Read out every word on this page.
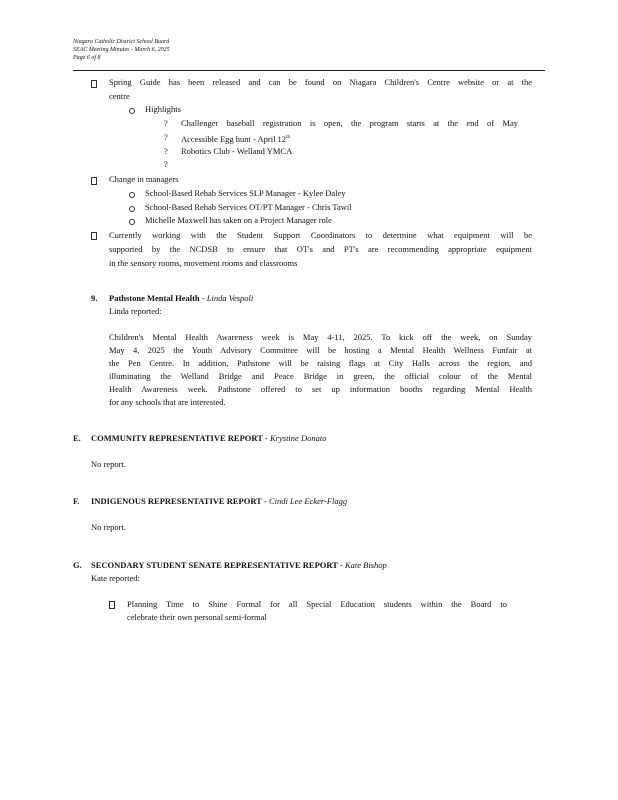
Niagara Catholic District School Board
SEAC Meeting Minutes - March 6, 2025
Page 6 of 8
Spring Guide has been released and can be found on Niagara Children's Centre website or at the
centre
Highlights
? Challenger baseball registration is open, the program starts at the end of May
? Accessible Egg hunt - April 12th
? Robotics Club - Welland YMCA
?
Change in managers
School-Based Rehab Services SLP Manager - Kylee Daley
School-Based Rehab Services OT/PT Manager - Chris Tawil
Michelle Maxwell has taken on a Project Manager role
Currently working with the Student Support Coordinators to determine what equipment will be
supported by the NCDSB to ensure that OT's and PT's are recommending appropriate equipment
in the sensory rooms, movement rooms and classrooms
9. Pathstone Mental Health - Linda Vespoli
Linda reported:
Children's Mental Health Awareness week is May 4-11, 2025. To kick off the week, on Sunday
May 4, 2025 the Youth Advisory Committee will be hosting a Mental Health Wellness Funfair at
the Pen Centre. In addition, Pathstone will be raising flags at City Halls across the region, and
illuminating the Welland Bridge and Peace Bridge in green, the official colour of the Mental
Health Awareness week. Pathstone offered to set up information booths regarding Mental Health
for any schools that are interested.
E. COMMUNITY REPRESENTATIVE REPORT - Krystine Donato
No report.
F. INDIGENOUS REPRESENTATIVE REPORT - Cindi Lee Ecker-Flagg
No report.
G. SECONDARY STUDENT SENATE REPRESENTATIVE REPORT - Kate Bishop
Kate reported:
Planning Time to Shine Formal for all Special Education students within the Board to
celebrate their own personal semi-formal
